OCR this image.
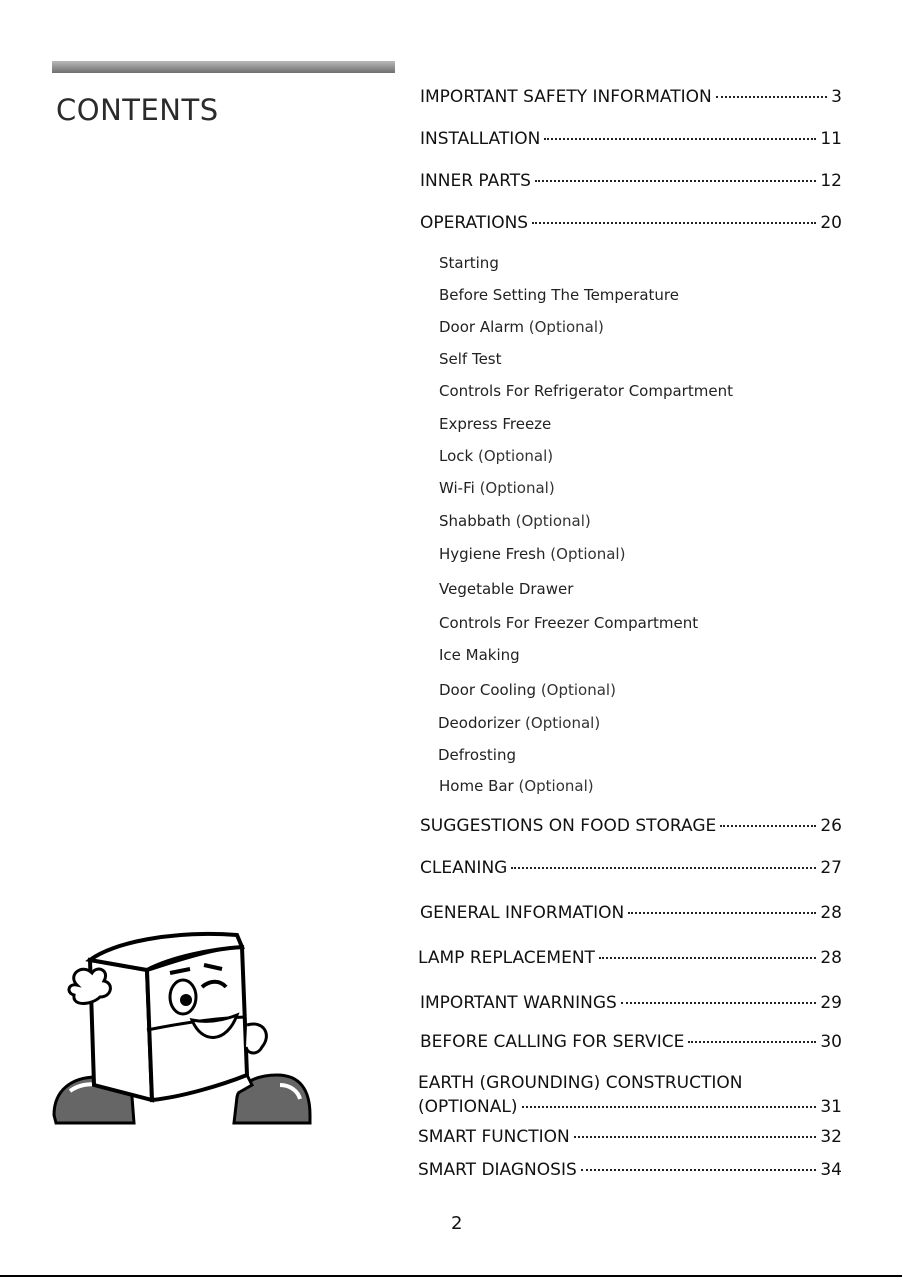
CONTENTS	IMPORTANT SAFETY INFORMATION	3
INSTALLATION	11
INNER PARTS	12
OPERATIONS	20
Starting
Before Setting The Temperature
Door Alarm (Optional)
Self Test
Controls For Refrigerator Compartment
Express Freeze
Lock (Optional)
Wi-Fi (Optional)
Shabbath (Optional)
Hygiene Fresh (Optional)
Vegetable Drawer
Controls For Freezer Compartment
Ice Making
Door Cooling (Optional)
Deodorizer (Optional)
Defrosting
Home Bar (Optional)
SUGGESTIONS ON FOOD STORAGE	26
CLEANING	27
GENERAL INFORMATION	28
LAMP REPLACEMENT	28
IMPORTANT WARNINGS	29
BEFORE CALLING FOR SERVICE	30
EARTH (GROUNDING) CONSTRUCTION
(OPTIONAL)	31
SMART FUNCTION	32
SMART DIAGNOSIS	34
2
